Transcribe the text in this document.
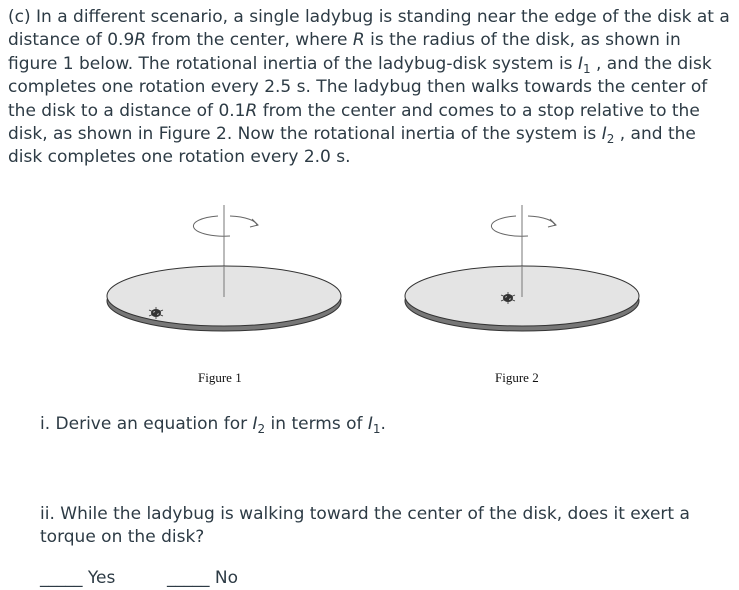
(c) In a different scenario, a single ladybug is standing near the edge of the disk at a distance of 0.9R from the center, where R is the radius of the disk, as shown in figure 1 below. The rotational inertia of the ladybug-disk system is $I_1$ , and the disk completes one rotation every 2.5 s. The ladybug then walks towards the center of the disk to a distance of 0.1R from the center and comes to a stop relative to the disk, as shown in Figure 2. Now the rotational inertia of the system is $I_2$ , and the disk completes one rotation every 2.0 s.

Figure 1	Figure 2

i. Derive an equation for $I_2$ in terms of $I_1$.

ii. While the ladybug is walking toward the center of the disk, does it exert a torque on the disk?

_____ Yes	_____ No
